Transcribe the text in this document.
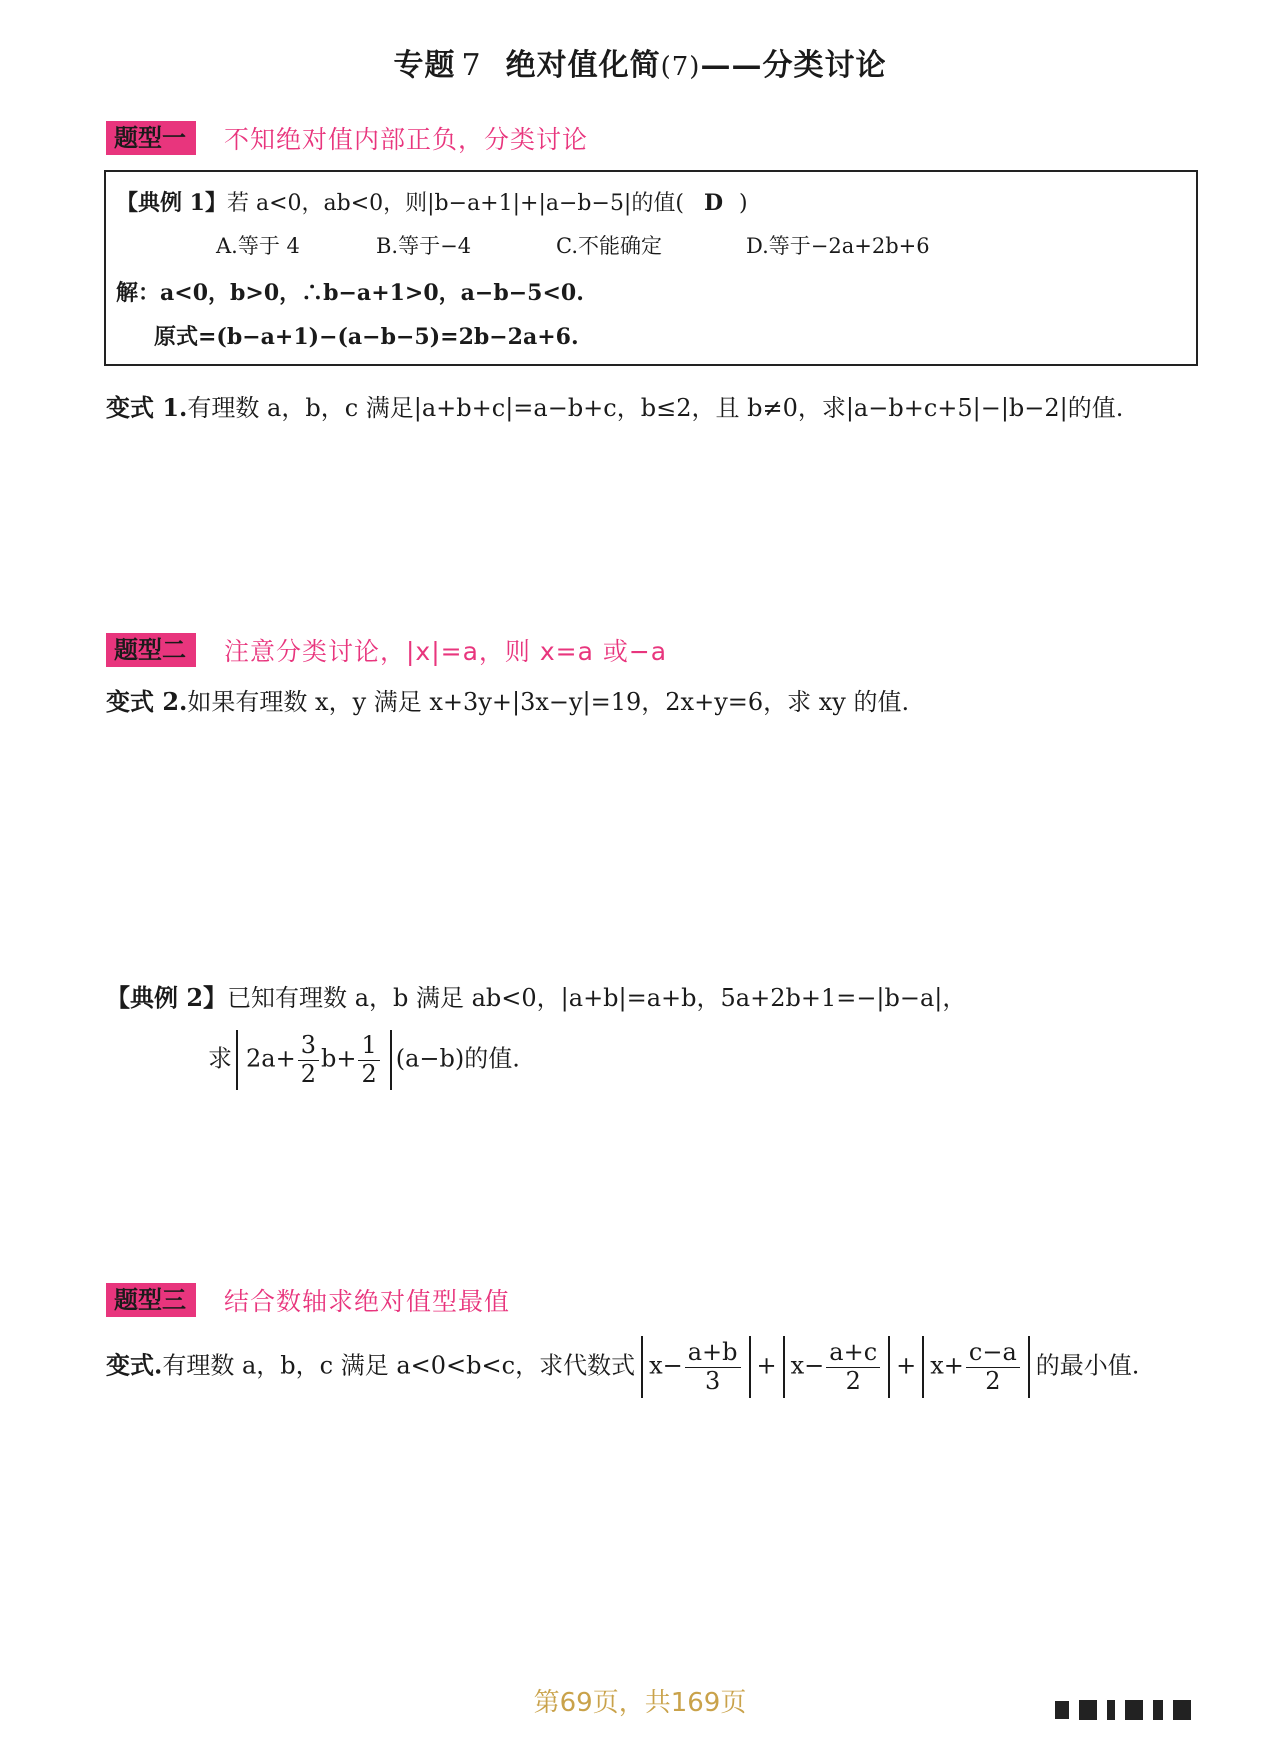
专题 7 绝对值化简(7)——分类讨论
题型一	不知绝对值内部正负，分类讨论
【典例 1】若 a<0，ab<0，则|b−a+1|+|a−b−5|的值( D )
A.等于 4	B.等于−4	C.不能确定	D.等于−2a+2b+6
解：a<0，b>0，∴b−a+1>0，a−b−5<0.
原式=(b−a+1)−(a−b−5)=2b−2a+6.
变式 1.有理数 a，b，c 满足|a+b+c|=a−b+c，b≤2，且 b≠0，求|a−b+c+5|−|b−2|的值.
题型二	注意分类讨论，|x|=a，则 x=a 或−a
变式 2.如果有理数 x，y 满足 x+3y+|3x−y|=19，2x+y=6，求 xy 的值.
【典例 2】已知有理数 a，b 满足 ab<0，|a+b|=a+b，5a+2b+1=−|b−a|，
求 $2a+ \frac{3}{2} b+ \frac{1}{2} (a-b)$的值.
题型三	结合数轴求绝对值型最值
变式.有理数 a，b，c 满足 a<0<b<c，求代数式 $x- \frac{a+b}{3} + x- \frac{a+c}{2} + x+ \frac{c-a}{2}$ 的最小值.
第69页，共169页
